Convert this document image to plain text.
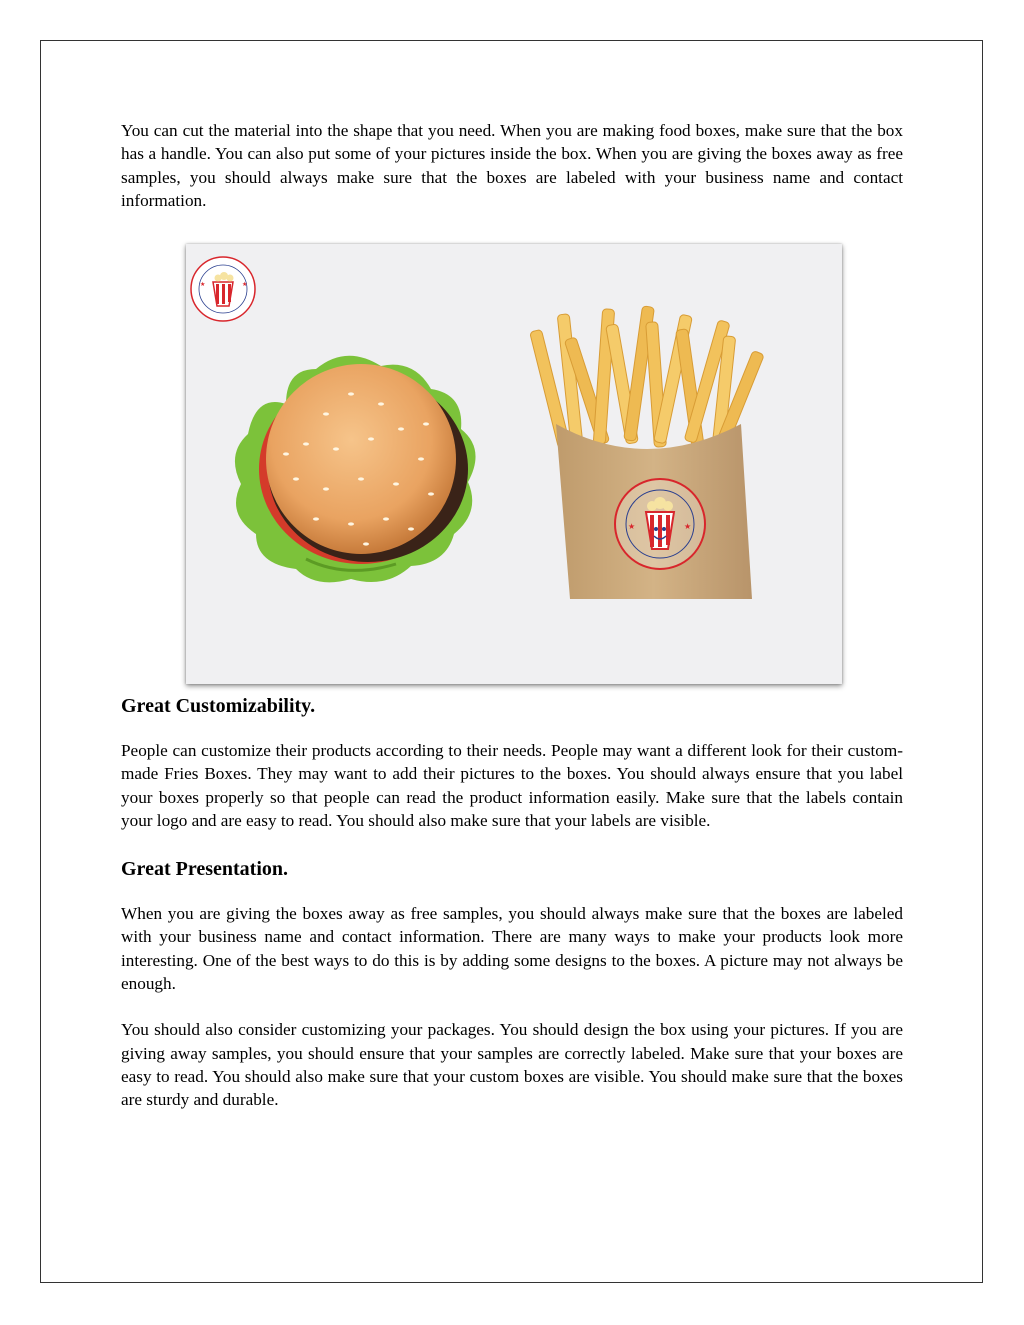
You can cut the material into the shape that you need. When you are making food boxes, make sure that the box has a handle. You can also put some of your pictures inside the box. When you are giving the boxes away as free samples, you should always make sure that the boxes are labeled with your business name and contact information.

★	★
★	★
Great Customizability.

People can customize their products according to their needs. People may want a different look for their custom-made Fries Boxes. They may want to add their pictures to the boxes. You should always ensure that you label your boxes properly so that people can read the product information easily. Make sure that the labels contain your logo and are easy to read. You should also make sure that your labels are visible.

Great Presentation.

When you are giving the boxes away as free samples, you should always make sure that the boxes are labeled with your business name and contact information. There are many ways to make your products look more interesting. One of the best ways to do this is by adding some designs to the boxes. A picture may not always be enough.

You should also consider customizing your packages. You should design the box using your pictures. If you are giving away samples, you should ensure that your samples are correctly labeled. Make sure that your boxes are easy to read. You should also make sure that your custom boxes are visible. You should make sure that the boxes are sturdy and durable.
